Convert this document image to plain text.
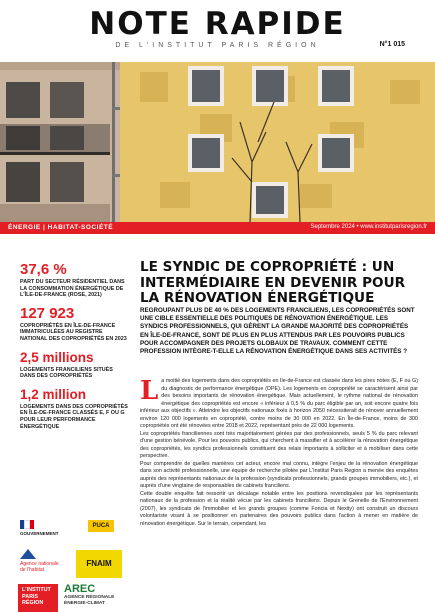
NOTE RAPIDE
DE L'INSTITUT PARIS RÉGION	N°1 015
ÉNERGIE | HABITAT-SOCIÉTÉ	Septembre 2024 • www.institutparisregion.fr
37,6 %
PART DU SECTEUR RÉSIDENTIEL DANS LA CONSOMMATION ÉNERGÉTIQUE DE L'ÎLE-DE-FRANCE (ROSE, 2021)
127 923
COPROPRIÉTÉS EN ÎLE-DE-FRANCE IMMATRICULÉES AU REGISTRE NATIONAL DES COPROPRIÉTÉS EN 2023
2,5 millions
LOGEMENTS FRANCILIENS SITUÉS DANS DES COPROPRIÉTÉS
1,2 million
LOGEMENTS DANS DES COPROPRIÉTÉS EN ÎLE-DE-FRANCE CLASSÉS E, F OU G POUR LEUR PERFORMANCE ÉNERGÉTIQUE
GOUVERNEMENT
PUCA
Agence nationale de l'habitat
FNAIM
L'INSTITUT PARIS RÉGION
AREC
AGENCE RÉGIONALE ÉNERGIE-CLIMAT
LE SYNDIC DE COPROPRIÉTÉ : UN INTERMÉDIAIRE EN DEVENIR POUR LA RÉNOVATION ÉNERGÉTIQUE

REGROUPANT PLUS DE 40 % DES LOGEMENTS FRANCILIENS, LES COPROPRIÉTÉS SONT UNE CIBLE ESSENTIELLE DES POLITIQUES DE RÉNOVATION ÉNERGÉTIQUE. LES SYNDICS PROFESSIONNELS, QUI GÈRENT LA GRANDE MAJORITÉ DES COPROPRIÉTÉS EN ÎLE-DE-FRANCE, SONT DE PLUS EN PLUS ATTENDUS PAR LES POUVOIRS PUBLICS POUR ACCOMPAGNER DES PROJETS GLOBAUX DE TRAVAUX. COMMENT CETTE PROFESSION INTÈGRE-T-ELLE LA RÉNOVATION ÉNERGÉTIQUE DANS SES ACTIVITÉS ?

L a moitié des logements dans des copropriétés en Île-de-France est classée dans les pires notes (E, F ou G) du diagnostic de performance énergétique (DPE). Les logements en copropriété se caractérisent ainsi par des besoins importants de rénovation énergétique. Mais actuellement, le rythme national de rénovation énergétique des copropriétés est encore « inférieur à 0,5 % du parc éligible par an, soit encore quatre fois inférieur aux objectifs ». Atteindre les objectifs nationaux fixés à horizon 2050 nécessiterait de rénover annuellement environ 120 000 logements en copropriété, contre moins de 30 000 en 2022. En Île-de-France, moins de 300 copropriétés ont été rénovées entre 2018 et 2022, représentant près de 22 000 logements.

Les copropriétés franciliennes sont très majoritairement gérées par des professionnels, seuls 5 % du parc relevant d'une gestion bénévole. Pour les pouvoirs publics, qui cherchent à massifier et à accélérer la rénovation énergétique des copropriétés, les syndics professionnels constituent des relais importants à solliciter et à mobiliser dans cette perspective.

Pour comprendre de quelles manières cet acteur, encore mal connu, intègre l'enjeu de la rénovation énergétique dans son activité professionnelle, une équipe de recherche pilotée par L'Institut Paris Region a menée des enquêtes auprès des représentants nationaux de la profession (syndicats professionnels, grands groupes immobiliers, etc.), et auprès d'une vingtaine de responsables de cabinets franciliens.

Cette double enquête fait ressortir un décalage notable entre les positions revendiquées par les représentants nationaux de la profession et la réalité vécue par les cabinets franciliens. Depuis le Grenelle de l'Environnement (2007), les syndicats de l'immobilier et les grands groupes (comme Foncia et Nexity) ont construit un discours volontariste visant à se positionner en partenaires des pouvoirs publics dans l'action à mener en matière de rénovation énergétique. Sur le terrain, cependant, les
